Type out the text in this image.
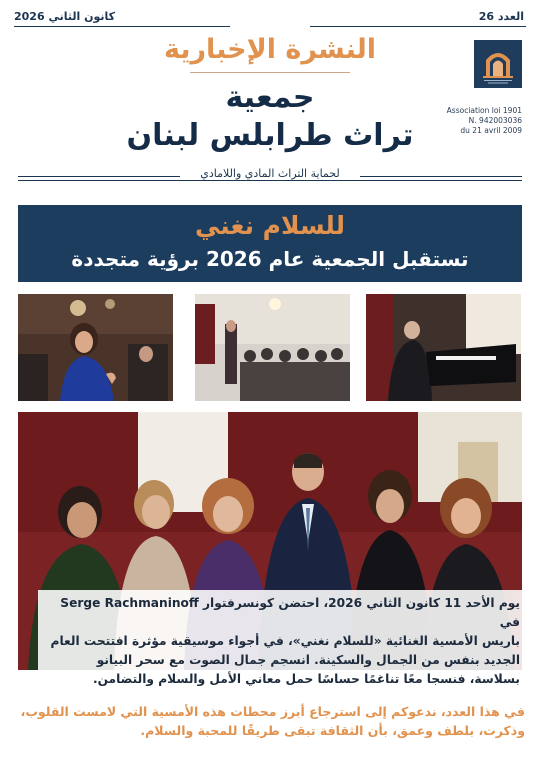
كانون الثاني 2026	العدد 26
النشرة الإخبارية
جمعية
تراث طرابلس لبنان
Association loi 1901
N. 942003036
du 21 avril 2009
لحماية التراث المادي واللامادي
للسلام نغني
تستقبل الجمعية عام 2026 برؤية متجددة
يوم الأحد 11 كانون الثاني 2026، احتضن كونسرفتوار Serge Rachmaninoff في
باريس الأمسية الغنائية «للسلام نغني»، في أجواء موسيقية مؤثرة افتتحت العام
الجديد بنفس من الجمال والسكينة. انسجم جمال الصوت مع سحر البيانو
بسلاسة، فنسجا معًا تناغمًا حساسًا حمل معاني الأمل والسلام والتضامن.
في هذا العدد، ندعوكم إلى استرجاع أبرز محطات هذه الأمسية التي لامست القلوب،
وذكرت، بلطف وعمق، بأن الثقافة تبقى طريقًا للمحبة والسلام.
